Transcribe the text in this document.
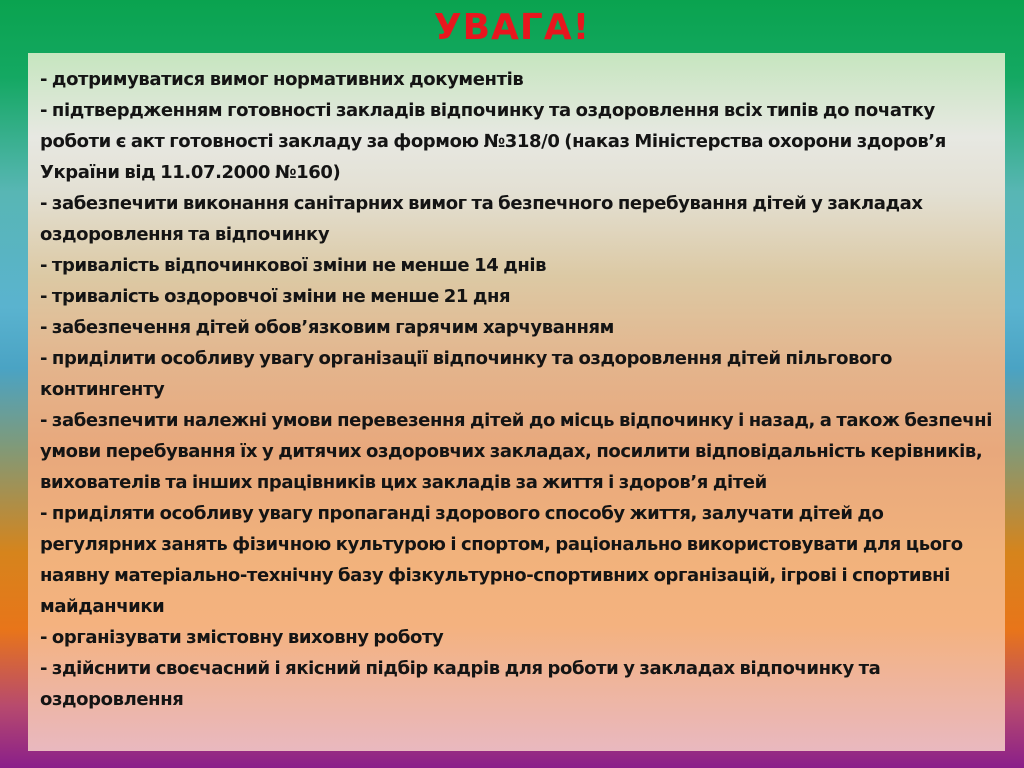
УВАГА!
- дотримуватися вимог нормативних документів
- підтвердженням готовності закладів відпочинку та оздоровлення всіх типів до початку роботи є акт готовності закладу за формою №318/0 (наказ Міністерства охорони здоров’я України від 11.07.2000 №160)
- забезпечити виконання санітарних вимог та безпечного перебування дітей у закладах оздоровлення та відпочинку
- тривалість відпочинкової зміни не менше 14 днів
- тривалість оздоровчої зміни не менше 21 дня
- забезпечення дітей обов’язковим гарячим харчуванням
- приділити особливу увагу організації відпочинку та оздоровлення дітей пільгового контингенту
- забезпечити належні умови перевезення дітей до місць відпочинку і назад, а також безпечні умови перебування їх у дитячих оздоровчих закладах, посилити відповідальність керівників, вихователів та інших працівників цих закладів за життя і здоров’я дітей
- приділяти особливу увагу пропаганді здорового способу життя, залучати дітей до регулярних занять фізичною культурою і спортом, раціонально використовувати для цього наявну матеріально-технічну базу фізкультурно-спортивних організацій, ігрові і спортивні майданчики
- організувати змістовну виховну роботу
- здійснити своєчасний і якісний підбір кадрів для роботи у закладах відпочинку та оздоровлення
